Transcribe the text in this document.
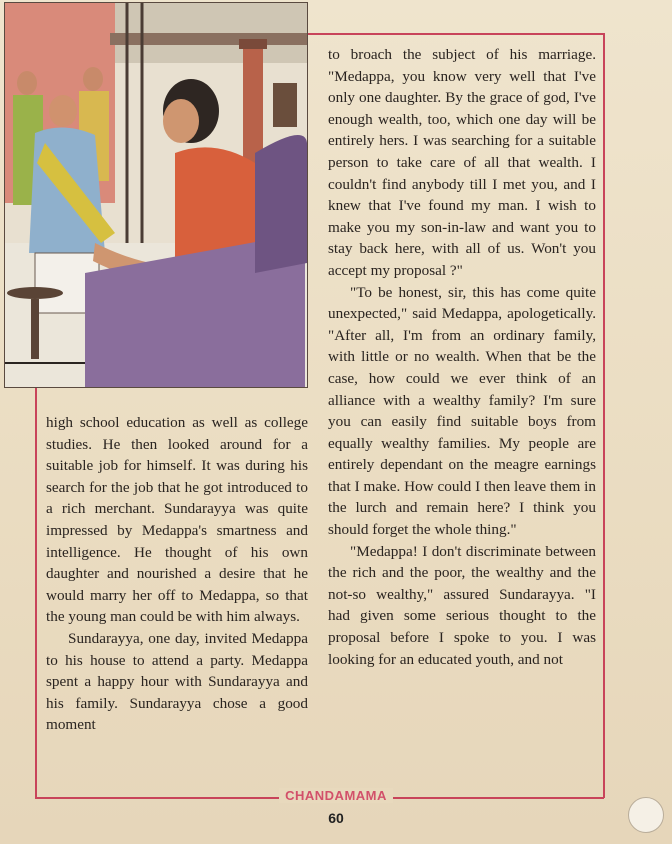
to broach the subject of his marriage. "Medappa, you know very well that I've only one daughter. By the grace of god, I've enough wealth, too, which one day will be entirely hers. I was searching for a suitable person to take care of all that wealth. I couldn't find anybody till I met you, and I knew that I've found my man. I wish to make you my son-in-law and want you to stay back here, with all of us. Won't you accept my proposal ?"

"To be honest, sir, this has come quite unexpected," said Medappa, apologetically. "After all, I'm from an ordinary family, with little or no wealth. When that be the case, how could we ever think of an alliance with a wealthy family? I'm sure you can easily find suitable boys from equally wealthy families. My people are entirely dependant on the meagre earnings that I make. How could I then leave them in the lurch and remain here? I think you should forget the whole thing."

"Medappa! I don't discriminate between the rich and the poor, the wealthy and the not-so wealthy," assured Sundarayya. "I had given some serious thought to the proposal before I spoke to you. I was looking for an educated youth, and not

high school education as well as college studies. He then looked around for a suitable job for himself. It was during his search for the job that he got introduced to a rich merchant. Sundarayya was quite impressed by Medappa's smartness and intelligence. He thought of his own daughter and nourished a desire that he would marry her off to Medappa, so that the young man could be with him always.

Sundarayya, one day, invited Medappa to his house to attend a party. Medappa spent a happy hour with Sundarayya and his family. Sundarayya chose a good moment

CHANDAMAMA
60
